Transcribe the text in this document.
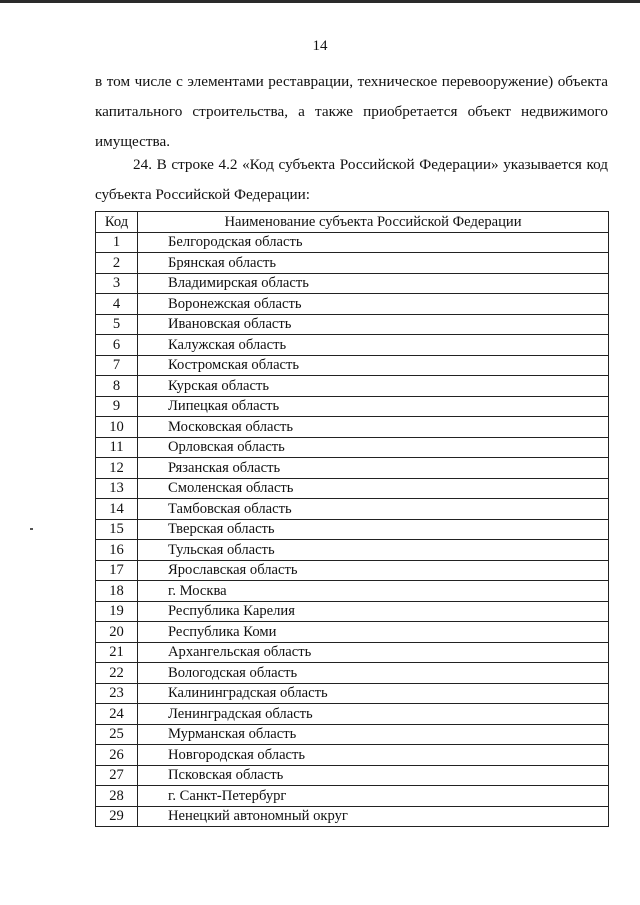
14

в том числе с элементами реставрации, техническое перевооружение) объекта
капитального строительства, а также приобретается объект недвижимого
имущества.

24. В строке 4.2 «Код субъекта Российской Федерации» указывается код
субъекта Российской Федерации:

Код	Наименование субъекта Российской Федерации
1	Белгородская область
2	Брянская область
3	Владимирская область
4	Воронежская область
5	Ивановская область
6	Калужская область
7	Костромская область
8	Курская область
9	Липецкая область
10	Московская область
11	Орловская область
12	Рязанская область
13	Смоленская область
14	Тамбовская область
15	Тверская область
16	Тульская область
17	Ярославская область
18	г. Москва
19	Республика Карелия
20	Республика Коми
21	Архангельская область
22	Вологодская область
23	Калининградская область
24	Ленинградская область
25	Мурманская область
26	Новгородская область
27	Псковская область
28	г. Санкт-Петербург
29	Ненецкий автономный округ
